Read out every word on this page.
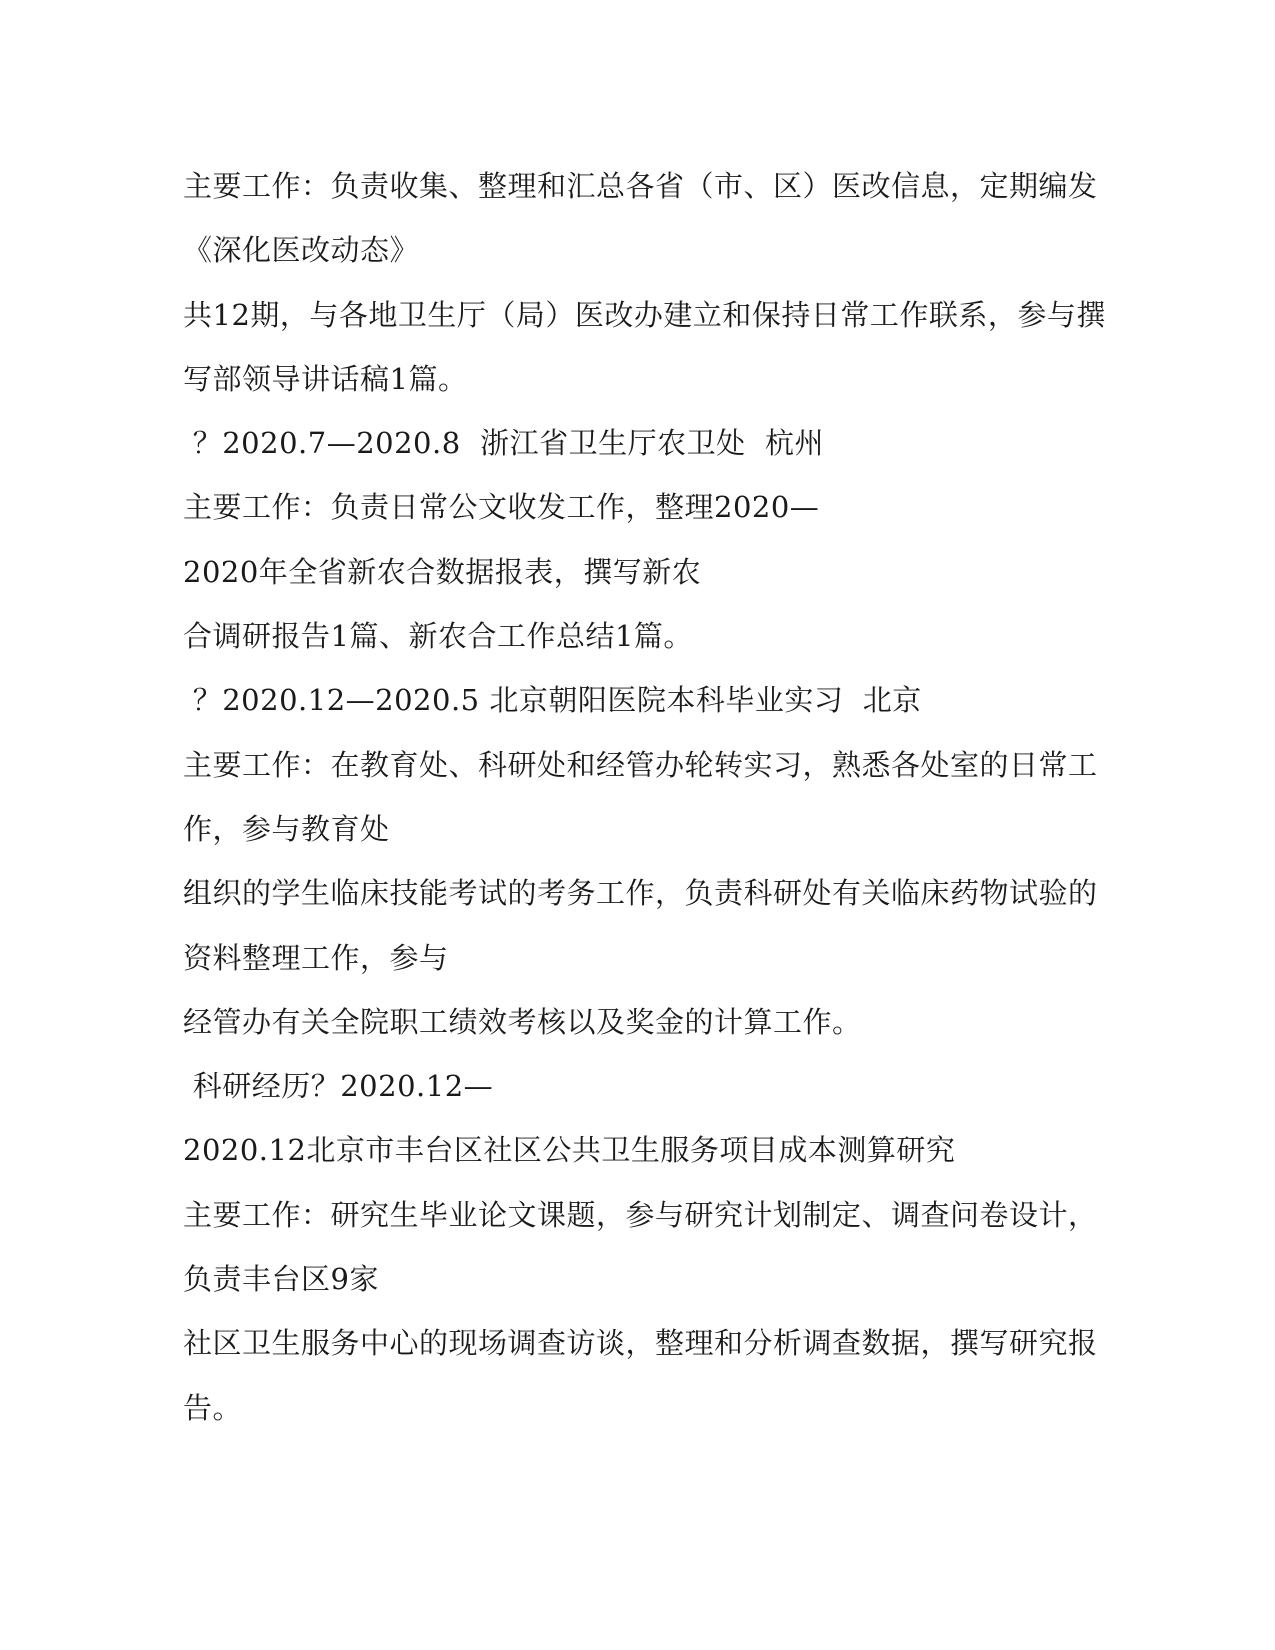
主要工作：负责收集、整理和汇总各省（市、区）医改信息，定期编发
《深化医改动态》
共12期，与各地卫生厅（局）医改办建立和保持日常工作联系，参与撰
写部领导讲话稿1篇。
？2020.7—2020.8  浙江省卫生厅农卫处  杭州
主要工作：负责日常公文收发工作，整理2020—
2020年全省新农合数据报表，撰写新农
合调研报告1篇、新农合工作总结1篇。
？2020.12—2020.5 北京朝阳医院本科毕业实习  北京
主要工作：在教育处、科研处和经管办轮转实习，熟悉各处室的日常工
作，参与教育处
组织的学生临床技能考试的考务工作，负责科研处有关临床药物试验的
资料整理工作，参与
经管办有关全院职工绩效考核以及奖金的计算工作。
科研经历？2020.12—
2020.12北京市丰台区社区公共卫生服务项目成本测算研究
主要工作：研究生毕业论文课题，参与研究计划制定、调查问卷设计，
负责丰台区9家
社区卫生服务中心的现场调查访谈，整理和分析调查数据，撰写研究报
告。
